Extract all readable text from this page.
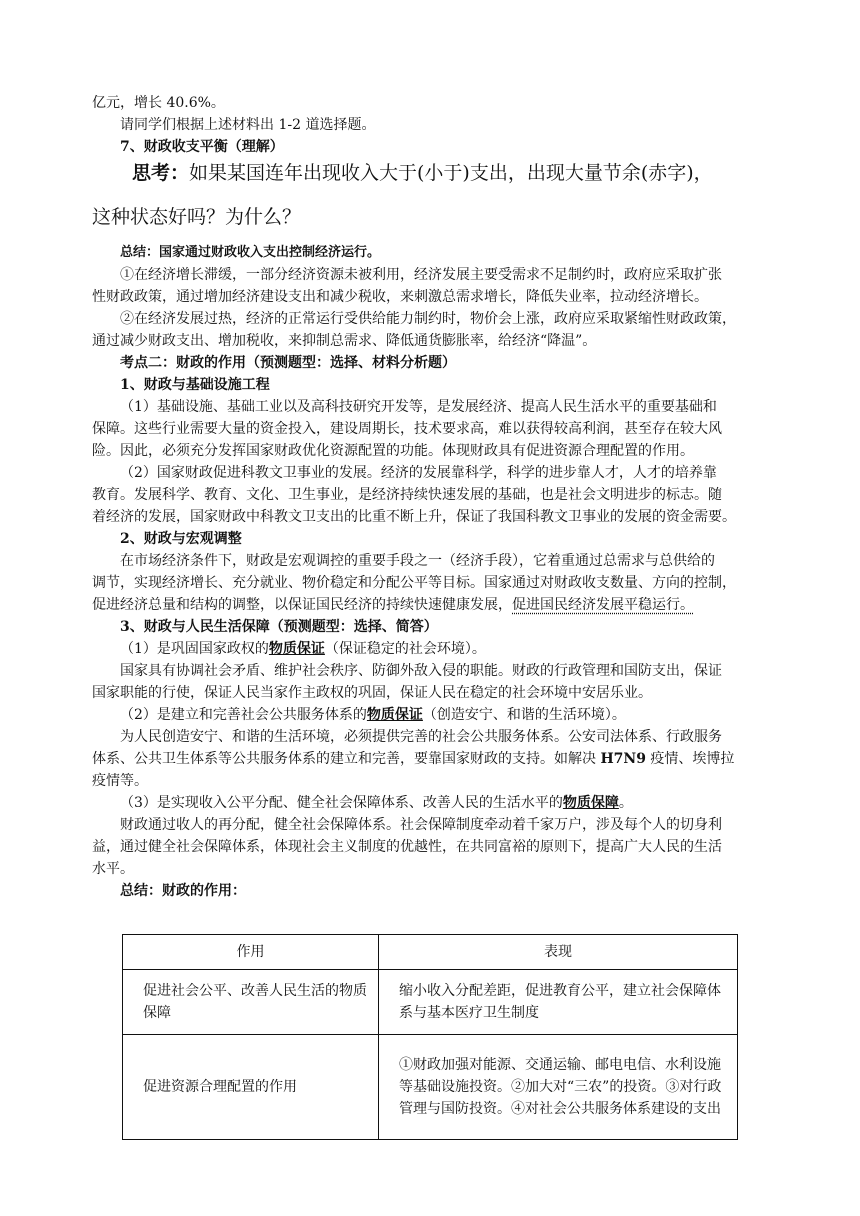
亿元，增长 40.6%。
请同学们根据上述材料出 1-2 道选择题。
7、财政收支平衡（理解）
思考：如果某国连年出现收入大于(小于)支出，出现大量节余(赤字)，
这种状态好吗？为什么？
总结：国家通过财政收入支出控制经济运行。
①在经济增长滞缓，一部分经济资源未被利用，经济发展主要受需求不足制约时，政府应采取扩张
性财政政策，通过增加经济建设支出和减少税收，来刺激总需求增长，降低失业率，拉动经济增长。
②在经济发展过热，经济的正常运行受供给能力制约时，物价会上涨，政府应采取紧缩性财政政策，
通过减少财政支出、增加税收，来抑制总需求、降低通货膨胀率，给经济“降温”。
考点二：财政的作用（预测题型：选择、材料分析题）
1、财政与基础设施工程
（1）基础设施、基础工业以及高科技研究开发等，是发展经济、提高人民生活水平的重要基础和
保障。这些行业需要大量的资金投入，建设周期长，技术要求高，难以获得较高利润，甚至存在较大风
险。因此，必须充分发挥国家财政优化资源配置的功能。体现财政具有促进资源合理配置的作用。
（2）国家财政促进科教文卫事业的发展。经济的发展靠科学，科学的进步靠人才，人才的培养靠
教育。发展科学、教育、文化、卫生事业，是经济持续快速发展的基础，也是社会文明进步的标志。随
着经济的发展，国家财政中科教文卫支出的比重不断上升，保证了我国科教文卫事业的发展的资金需要。
2、财政与宏观调整
在市场经济条件下，财政是宏观调控的重要手段之一（经济手段），它着重通过总需求与总供给的
调节，实现经济增长、充分就业、物价稳定和分配公平等目标。国家通过对财政收支数量、方向的控制，
促进经济总量和结构的调整，以保证国民经济的持续快速健康发展，促进国民经济发展平稳运行。
3、财政与人民生活保障（预测题型：选择、简答）
（1）是巩固国家政权的物质保证（保证稳定的社会环境）。
国家具有协调社会矛盾、维护社会秩序、防御外敌入侵的职能。财政的行政管理和国防支出，保证
国家职能的行使，保证人民当家作主政权的巩固，保证人民在稳定的社会环境中安居乐业。
（2）是建立和完善社会公共服务体系的物质保证（创造安宁、和谐的生活环境）。
为人民创造安宁、和谐的生活环境，必须提供完善的社会公共服务体系。公安司法体系、行政服务
体系、公共卫生体系等公共服务体系的建立和完善，要靠国家财政的支持。如解决 H7N9 疫情、埃博拉
疫情等。
（3）是实现收入公平分配、健全社会保障体系、改善人民的生活水平的物质保障。
财政通过收人的再分配，健全社会保障体系。社会保障制度牵动着千家万户，涉及每个人的切身利
益，通过健全社会保障体系，体现社会主义制度的优越性，在共同富裕的原则下，提高广大人民的生活
水平。
总结：财政的作用：
作用	表现
促进社会公平、改善人民生活的物质保障	缩小收入分配差距，促进教育公平，建立社会保障体系与基本医疗卫生制度
促进资源合理配置的作用	①财政加强对能源、交通运输、邮电电信、水利设施等基础设施投资。②加大对“三农”的投资。③对行政管理与国防投资。④对社会公共服务体系建设的支出
